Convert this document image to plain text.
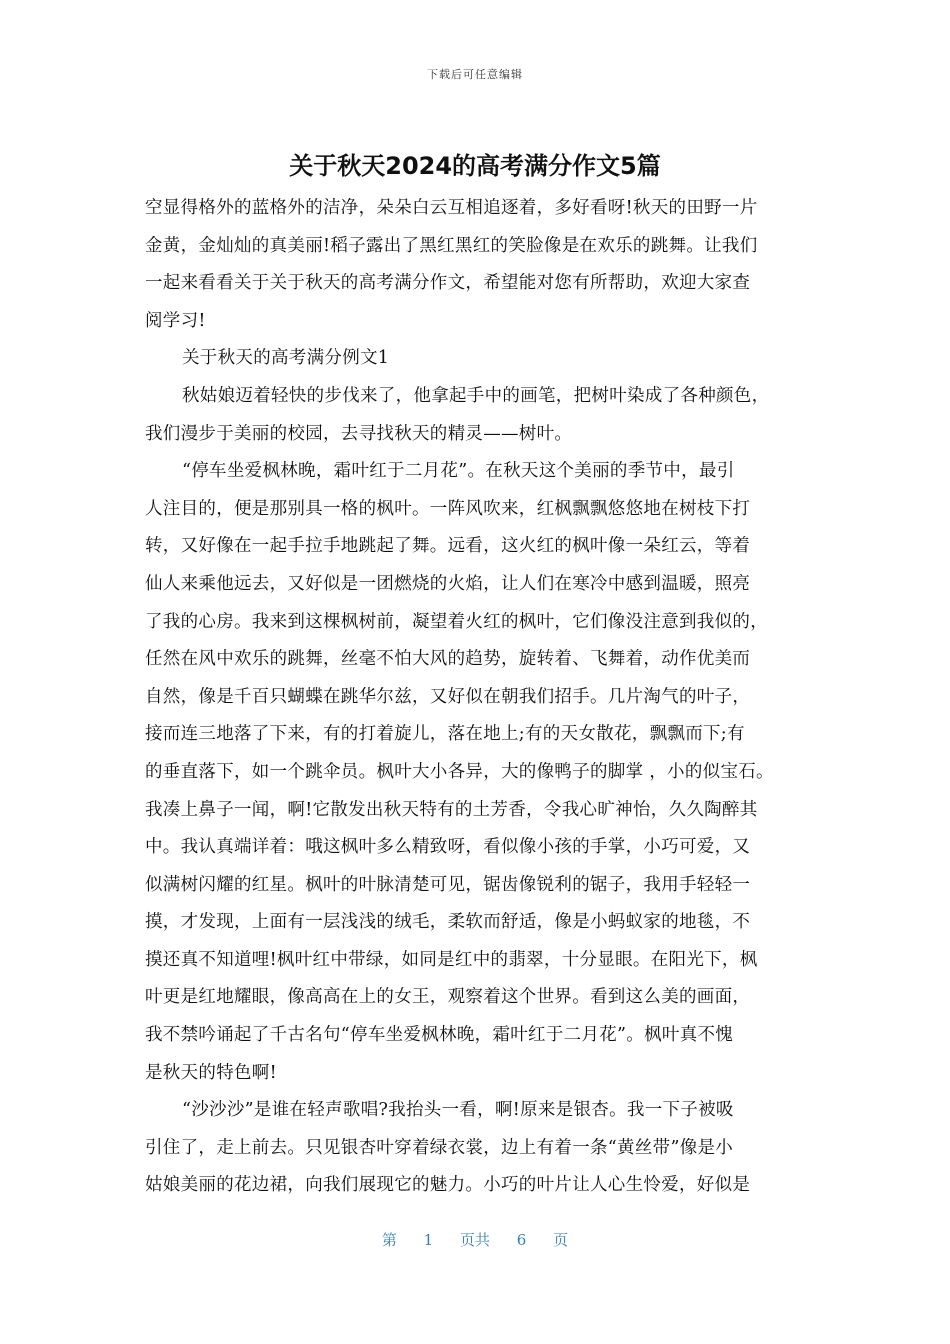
下载后可任意编辑
关于秋天2024的高考满分作文5篇
空显得格外的蓝格外的洁净，朵朵白云互相追逐着，多好看呀!秋天的田野一片
金黄，金灿灿的真美丽!稻子露出了黑红黑红的笑脸像是在欢乐的跳舞。让我们
一起来看看关于关于秋天的高考满分作文，希望能对您有所帮助，欢迎大家查
阅学习!
关于秋天的高考满分例文1
秋姑娘迈着轻快的步伐来了，他拿起手中的画笔，把树叶染成了各种颜色，
我们漫步于美丽的校园，去寻找秋天的精灵——树叶。
“停车坐爱枫林晚，霜叶红于二月花”。在秋天这个美丽的季节中，最引
人注目的，便是那别具一格的枫叶。一阵风吹来，红枫飘飘悠悠地在树枝下打
转，又好像在一起手拉手地跳起了舞。远看，这火红的枫叶像一朵红云，等着
仙人来乘他远去，又好似是一团燃烧的火焰，让人们在寒冷中感到温暖，照亮
了我的心房。我来到这棵枫树前，凝望着火红的枫叶，它们像没注意到我似的，
任然在风中欢乐的跳舞，丝毫不怕大风的趋势，旋转着、飞舞着，动作优美而
自然，像是千百只蝴蝶在跳华尔兹，又好似在朝我们招手。几片淘气的叶子，
接而连三地落了下来，有的打着旋儿，落在地上;有的天女散花，飘飘而下;有
的垂直落下，如一个跳伞员。枫叶大小各异，大的像鸭子的脚掌 ，小的似宝石。
我凑上鼻子一闻，啊!它散发出秋天特有的土芳香，令我心旷神怡，久久陶醉其
中。我认真端详着：哦这枫叶多么精致呀，看似像小孩的手掌，小巧可爱，又
似满树闪耀的红星。枫叶的叶脉清楚可见，锯齿像锐利的锯子，我用手轻轻一
摸，才发现，上面有一层浅浅的绒毛，柔软而舒适，像是小蚂蚁家的地毯，不
摸还真不知道哩!枫叶红中带绿，如同是红中的翡翠，十分显眼。在阳光下，枫
叶更是红地耀眼，像高高在上的女王，观察着这个世界。看到这么美的画面，
我不禁吟诵起了千古名句“停车坐爱枫林晚，霜叶红于二月花”。枫叶真不愧
是秋天的特色啊!
“沙沙沙”是谁在轻声歌唱?我抬头一看，啊!原来是银杏。我一下子被吸
引住了，走上前去。只见银杏叶穿着绿衣裳，边上有着一条“黄丝带”像是小
姑娘美丽的花边裙，向我们展现它的魅力。小巧的叶片让人心生怜爱，好似是
第 1 页共 6 页
